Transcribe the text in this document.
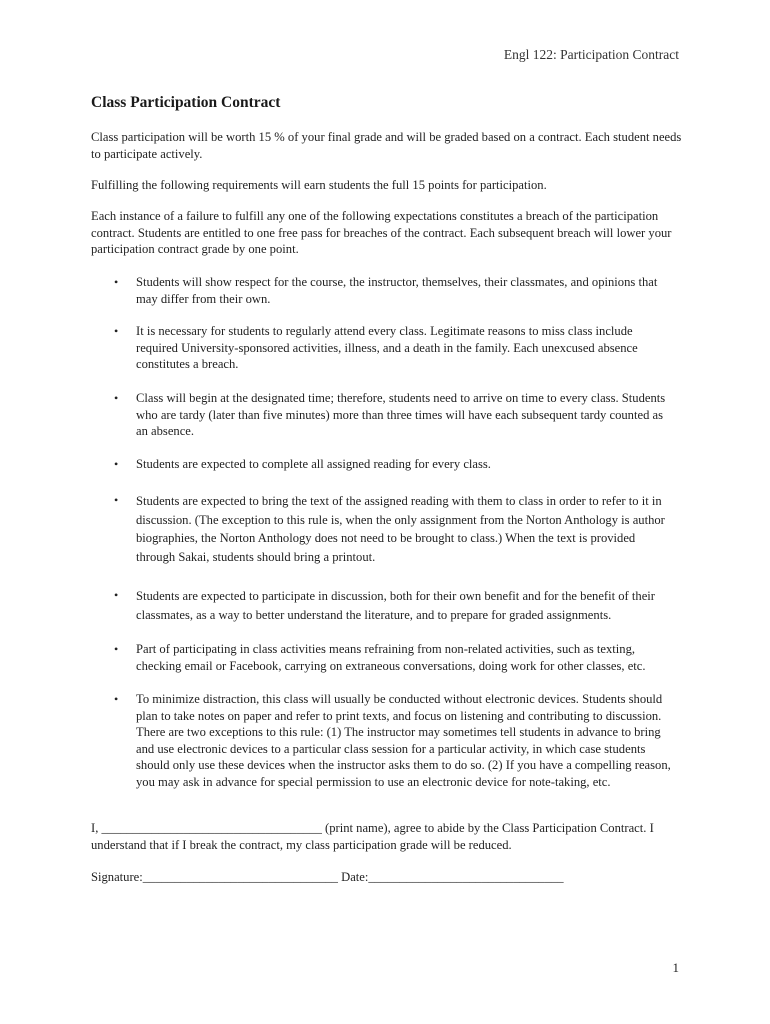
Engl 122: Participation Contract
Class Participation Contract
Class participation will be worth 15 % of your final grade and will be graded based on a contract. Each student needs to participate actively.
Fulfilling the following requirements will earn students the full 15 points for participation.
Each instance of a failure to fulfill any one of the following expectations constitutes a breach of the participation contract. Students are entitled to one free pass for breaches of the contract. Each subsequent breach will lower your participation contract grade by one point.
• Students will show respect for the course, the instructor, themselves, their classmates, and opinions that may differ from their own.
• It is necessary for students to regularly attend every class. Legitimate reasons to miss class include required University-sponsored activities, illness, and a death in the family. Each unexcused absence constitutes a breach.
• Class will begin at the designated time; therefore, students need to arrive on time to every class. Students who are tardy (later than five minutes) more than three times will have each subsequent tardy counted as an absence.
• Students are expected to complete all assigned reading for every class.
• Students are expected to bring the text of the assigned reading with them to class in order to refer to it in discussion. (The exception to this rule is, when the only assignment from the Norton Anthology is author biographies, the Norton Anthology does not need to be brought to class.) When the text is provided through Sakai, students should bring a printout.
• Students are expected to participate in discussion, both for their own benefit and for the benefit of their classmates, as a way to better understand the literature, and to prepare for graded assignments.
• Part of participating in class activities means refraining from non-related activities, such as texting, checking email or Facebook, carrying on extraneous conversations, doing work for other classes, etc.
• To minimize distraction, this class will usually be conducted without electronic devices. Students should plan to take notes on paper and refer to print texts, and focus on listening and contributing to discussion. There are two exceptions to this rule: (1) The instructor may sometimes tell students in advance to bring and use electronic devices to a particular class session for a particular activity, in which case students should only use these devices when the instructor asks them to do so. (2) If you have a compelling reason, you may ask in advance for special permission to use an electronic device for note-taking, etc.
I, ___________________________________ (print name), agree to abide by the Class Participation Contract. I understand that if I break the contract, my class participation grade will be reduced.
Signature:_______________________________ Date:_______________________________
1
